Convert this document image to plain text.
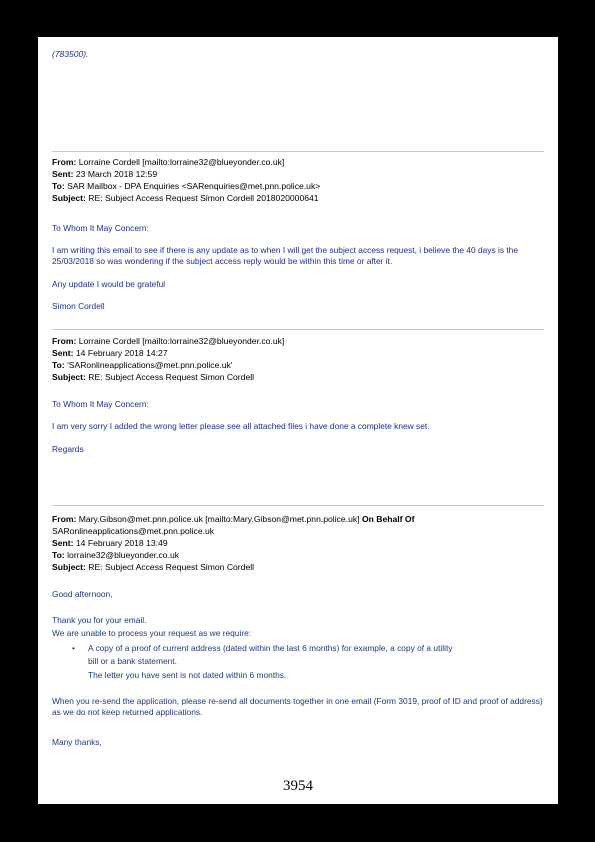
(783500).
From: Lorraine Cordell [mailto:lorraine32@blueyonder.co.uk]
Sent: 23 March 2018 12:59
To: SAR Mailbox - DPA Enquiries <SARenquiries@met.pnn.police.uk>
Subject: RE: Subject Access Request Simon Cordell 2018020000641
To Whom It May Concern:
I am writing this email to see if there is any update as to when I will get the subject access request, i believe the 40 days is the 25/03/2018 so was wondering if the subject access reply would be within this time or after it.
Any update I would be grateful
Simon Cordell
From: Lorraine Cordell [mailto:lorraine32@blueyonder.co.uk]
Sent: 14 February 2018 14:27
To: 'SARonlineapplications@met.pnn.police.uk'
Subject: RE: Subject Access Request Simon Cordell
To Whom It May Concern:
I am very sorry I added the wrong letter please see all attached files i have done a complete knew set.
Regards
From: Mary.Gibson@met.pnn.police.uk [mailto:Mary.Gibson@met.pnn.police.uk] On Behalf Of
SARonlineapplications@met.pnn.police.uk
Sent: 14 February 2018 13:49
To: lorraine32@blueyonder.co.uk
Subject: RE: Subject Access Request Simon Cordell
Good afternoon,
Thank you for your email.
We are unable to process your request as we require:
• A copy of a proof of current address (dated within the last 6 months) for example, a copy of a utility
bill or a bank statement.
The letter you have sent is not dated within 6 months.
When you re-send the application, please re-send all documents together in one email (Form 3019, proof of ID and proof of address) as we do not keep returned applications.
Many thanks,
3954
